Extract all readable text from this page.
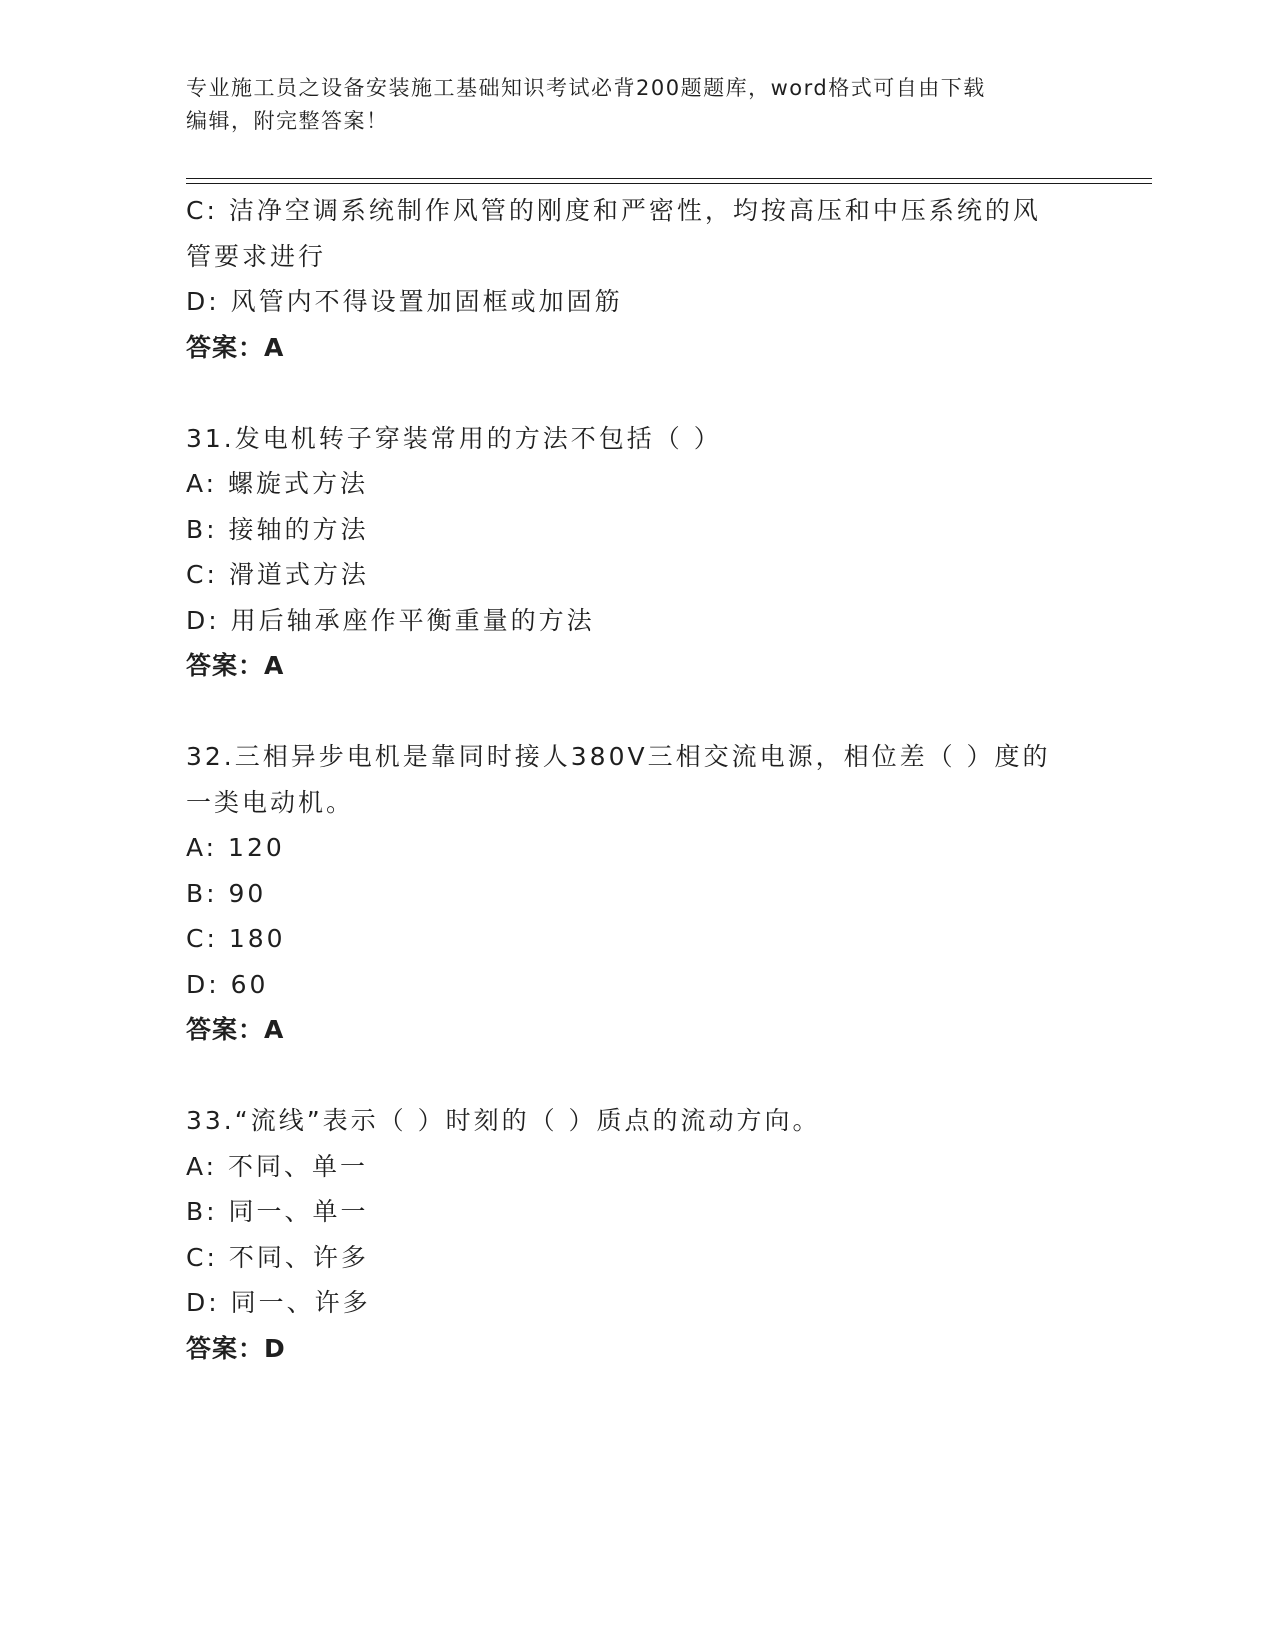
专业施工员之设备安装施工基础知识考试必背200题题库，word格式可自由下载
编辑，附完整答案！
C: 洁净空调系统制作风管的刚度和严密性，均按高压和中压系统的风
管要求进行
D: 风管内不得设置加固框或加固筋
答案：A
31.发电机转子穿装常用的方法不包括（ ）
A: 螺旋式方法
B: 接轴的方法
C: 滑道式方法
D: 用后轴承座作平衡重量的方法
答案：A
32.三相异步电机是靠同时接人380V三相交流电源，相位差（ ）度的
一类电动机。
A: 120
B: 90
C: 180
D: 60
答案：A
33.“流线”表示（ ）时刻的（ ）质点的流动方向。
A: 不同、单一
B: 同一、单一
C: 不同、许多
D: 同一、许多
答案：D
